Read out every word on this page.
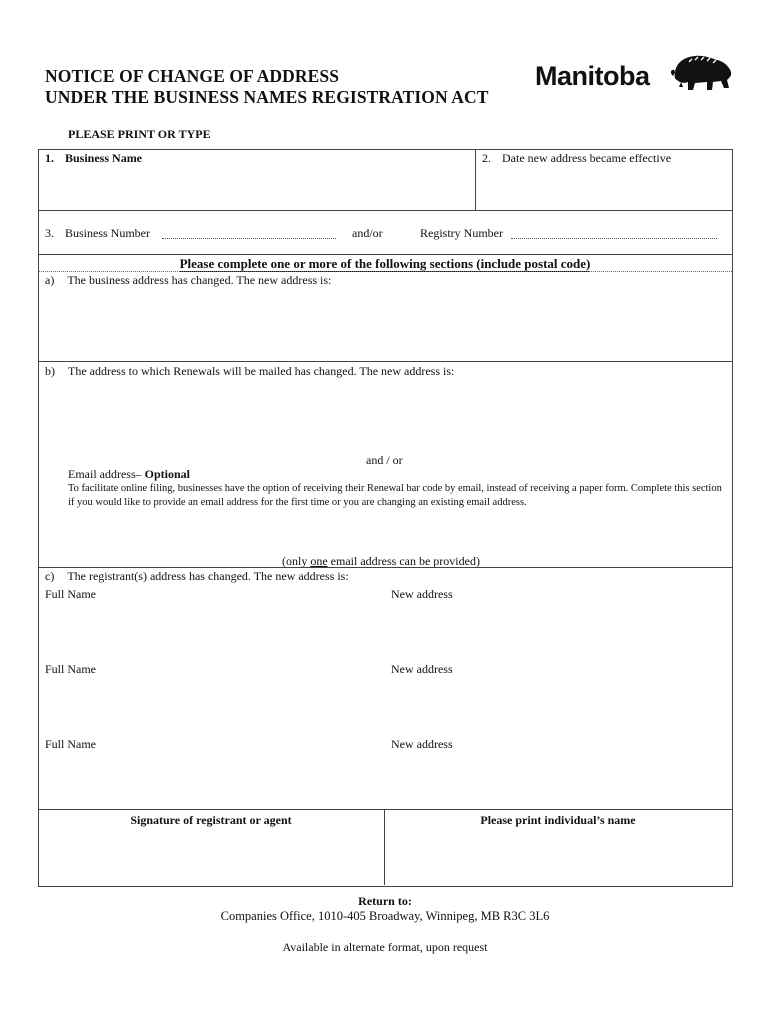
NOTICE OF CHANGE OF ADDRESS
UNDER THE BUSINESS NAMES REGISTRATION ACT
Manitoba
PLEASE PRINT OR TYPE
1. Business Name	2. Date new address became effective
3. Business Number	and/or	Registry Number
Please complete one or more of the following sections (include postal code)
a) The business address has changed. The new address is:
b) The address to which Renewals will be mailed has changed. The new address is:
and / or
Email address– Optional
To facilitate online filing, businesses have the option of receiving their Renewal bar code by email, instead of receiving a paper form. Complete this section if you would like to provide an email address for the first time or you are changing an existing email address.
(only one email address can be provided)
c) The registrant(s) address has changed. The new address is:
Full Name	New address
Full Name	New address
Full Name	New address
Signature of registrant or agent	Please print individual’s name
Return to:
Companies Office, 1010-405 Broadway, Winnipeg, MB R3C 3L6
Available in alternate format, upon request
